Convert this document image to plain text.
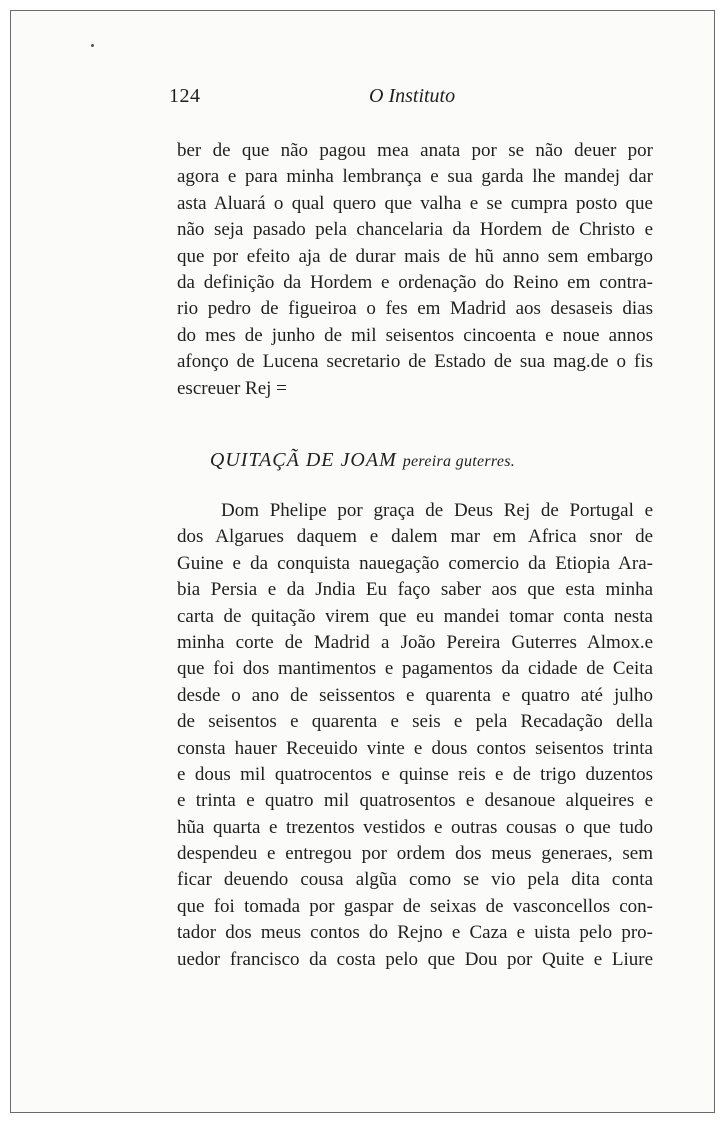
124	O Instituto
ber de que não pagou mea anata por se não deuer por
agora e para minha lembrança e sua garda lhe mandej dar
asta Aluará o qual quero que valha e se cumpra posto que
não seja pasado pela chancelaria da Hordem de Christo e
que por efeito aja de durar mais de hũ anno sem embargo
da definição da Hordem e ordenação do Reino em contra-
rio pedro de figueiroa o fes em Madrid aos desaseis dias
do mes de junho de mil seisentos cincoenta e noue annos
afonço de Lucena secretario de Estado de sua mag.de o fis
escreuer Rej =
QUITAÇÃ DE JOAM pereira guterres.
Dom Phelipe por graça de Deus Rej de Portugal e
dos Algarues daquem e dalem mar em Africa snor de
Guine e da conquista nauegação comercio da Etiopia Ara-
bia Persia e da Jndia Eu faço saber aos que esta minha
carta de quitação virem que eu mandei tomar conta nesta
minha corte de Madrid a João Pereira Guterres Almox.e
que foi dos mantimentos e pagamentos da cidade de Ceita
desde o ano de seissentos e quarenta e quatro até julho
de seisentos e quarenta e seis e pela Recadação della
consta hauer Receuido vinte e dous contos seisentos trinta
e dous mil quatrocentos e quinse reis e de trigo duzentos
e trinta e quatro mil quatrosentos e desanoue alqueires e
hũa quarta e trezentos vestidos e outras cousas o que tudo
despendeu e entregou por ordem dos meus generaes, sem
ficar deuendo cousa algũa como se vio pela dita conta
que foi tomada por gaspar de seixas de vasconcellos con-
tador dos meus contos do Rejno e Caza e uista pelo pro-
uedor francisco da costa pelo que Dou por Quite e Liure
